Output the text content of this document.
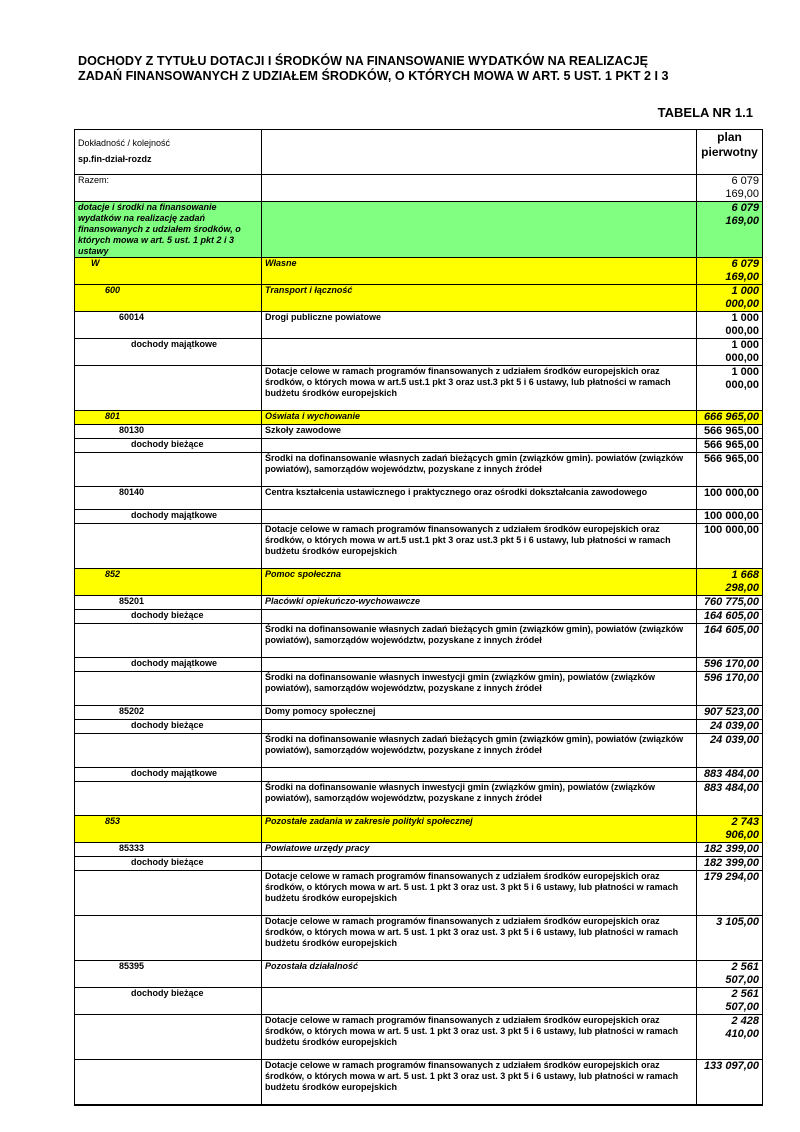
DOCHODY Z TYTUŁU DOTACJI I ŚRODKÓW NA FINANSOWANIE WYDATKÓW NA REALIZACJĘ
ZADAŃ FINANSOWANYCH Z UDZIAŁEM ŚRODKÓW, O KTÓRYCH MOWA W ART. 5 UST. 1 PKT 2 I 3
TABELA NR 1.1
Dokładność / kolejność
sp.fin-dział-rozdz		plan
pierwotny

Razem:		6 079 169,00
dotacje i środki na finansowanie wydatków na realizację zadań finansowanych z udziałem środków, o których mowa w art. 5 ust. 1 pkt 2 i 3 ustawy		6 079 169,00
W	Własne	6 079 169,00
600	Transport i łączność	1 000 000,00
60014	Drogi publiczne powiatowe	1 000 000,00
dochody majątkowe		1 000 000,00
	Dotacje celowe w ramach programów finansowanych z udziałem środków europejskich oraz środków, o których mowa w art.5 ust.1 pkt 3 oraz ust.3 pkt 5 i 6 ustawy, lub płatności w ramach budżetu środków europejskich	1 000 000,00
801	Oświata i wychowanie	666 965,00
80130	Szkoły zawodowe	566 965,00
dochody bieżące		566 965,00
	Środki na dofinansowanie własnych zadań bieżących gmin (związków gmin). powiatów (związków powiatów), samorządów województw, pozyskane z innych źródeł	566 965,00
80140	Centra kształcenia ustawicznego i praktycznego oraz ośrodki dokształcania zawodowego	100 000,00
dochody majątkowe		100 000,00
	Dotacje celowe w ramach programów finansowanych z udziałem środków europejskich oraz środków, o których mowa w art.5 ust.1 pkt 3 oraz ust.3 pkt 5 i 6 ustawy, lub płatności w ramach budżetu środków europejskich	100 000,00
852	Pomoc społeczna	1 668 298,00
85201	Placówki opiekuńczo-wychowawcze	760 775,00
dochody bieżące		164 605,00
	Środki na dofinansowanie własnych zadań bieżących gmin (związków gmin), powiatów (związków powiatów), samorządów województw, pozyskane z innych źródeł	164 605,00
dochody majątkowe		596 170,00
	Środki na dofinansowanie własnych inwestycji gmin (związków gmin), powiatów (związków powiatów), samorządów województw, pozyskane z innych źródeł	596 170,00
85202	Domy pomocy społecznej	907 523,00
dochody bieżące		24 039,00
	Środki na dofinansowanie własnych zadań bieżących gmin (związków gmin), powiatów (związków powiatów), samorządów województw, pozyskane z innych źródeł	24 039,00
dochody majątkowe		883 484,00
	Środki na dofinansowanie własnych inwestycji gmin (związków gmin), powiatów (związków powiatów), samorządów województw, pozyskane z innych źródeł	883 484,00
853	Pozostałe zadania w zakresie polityki społecznej	2 743 906,00
85333	Powiatowe urzędy pracy	182 399,00
dochody bieżące		182 399,00
	Dotacje celowe w ramach programów finansowanych z udziałem środków europejskich oraz środków, o których mowa w art. 5 ust. 1 pkt 3 oraz ust. 3 pkt 5 i 6 ustawy, lub płatności w ramach budżetu środków europejskich	179 294,00
	Dotacje celowe w ramach programów finansowanych z udziałem środków europejskich oraz środków, o których mowa w art. 5 ust. 1 pkt 3 oraz ust. 3 pkt 5 i 6 ustawy, lub płatności w ramach budżetu środków europejskich	3 105,00
85395	Pozostała działalność	2 561 507,00
dochody bieżące		2 561 507,00
	Dotacje celowe w ramach programów finansowanych z udziałem środków europejskich oraz środków, o których mowa w art. 5 ust. 1 pkt 3 oraz ust. 3 pkt 5 i 6 ustawy, lub płatności w ramach budżetu środków europejskich	2 428 410,00
	Dotacje celowe w ramach programów finansowanych z udziałem środków europejskich oraz środków, o których mowa w art. 5 ust. 1 pkt 3 oraz ust. 3 pkt 5 i 6 ustawy, lub płatności w ramach budżetu środków europejskich	133 097,00
